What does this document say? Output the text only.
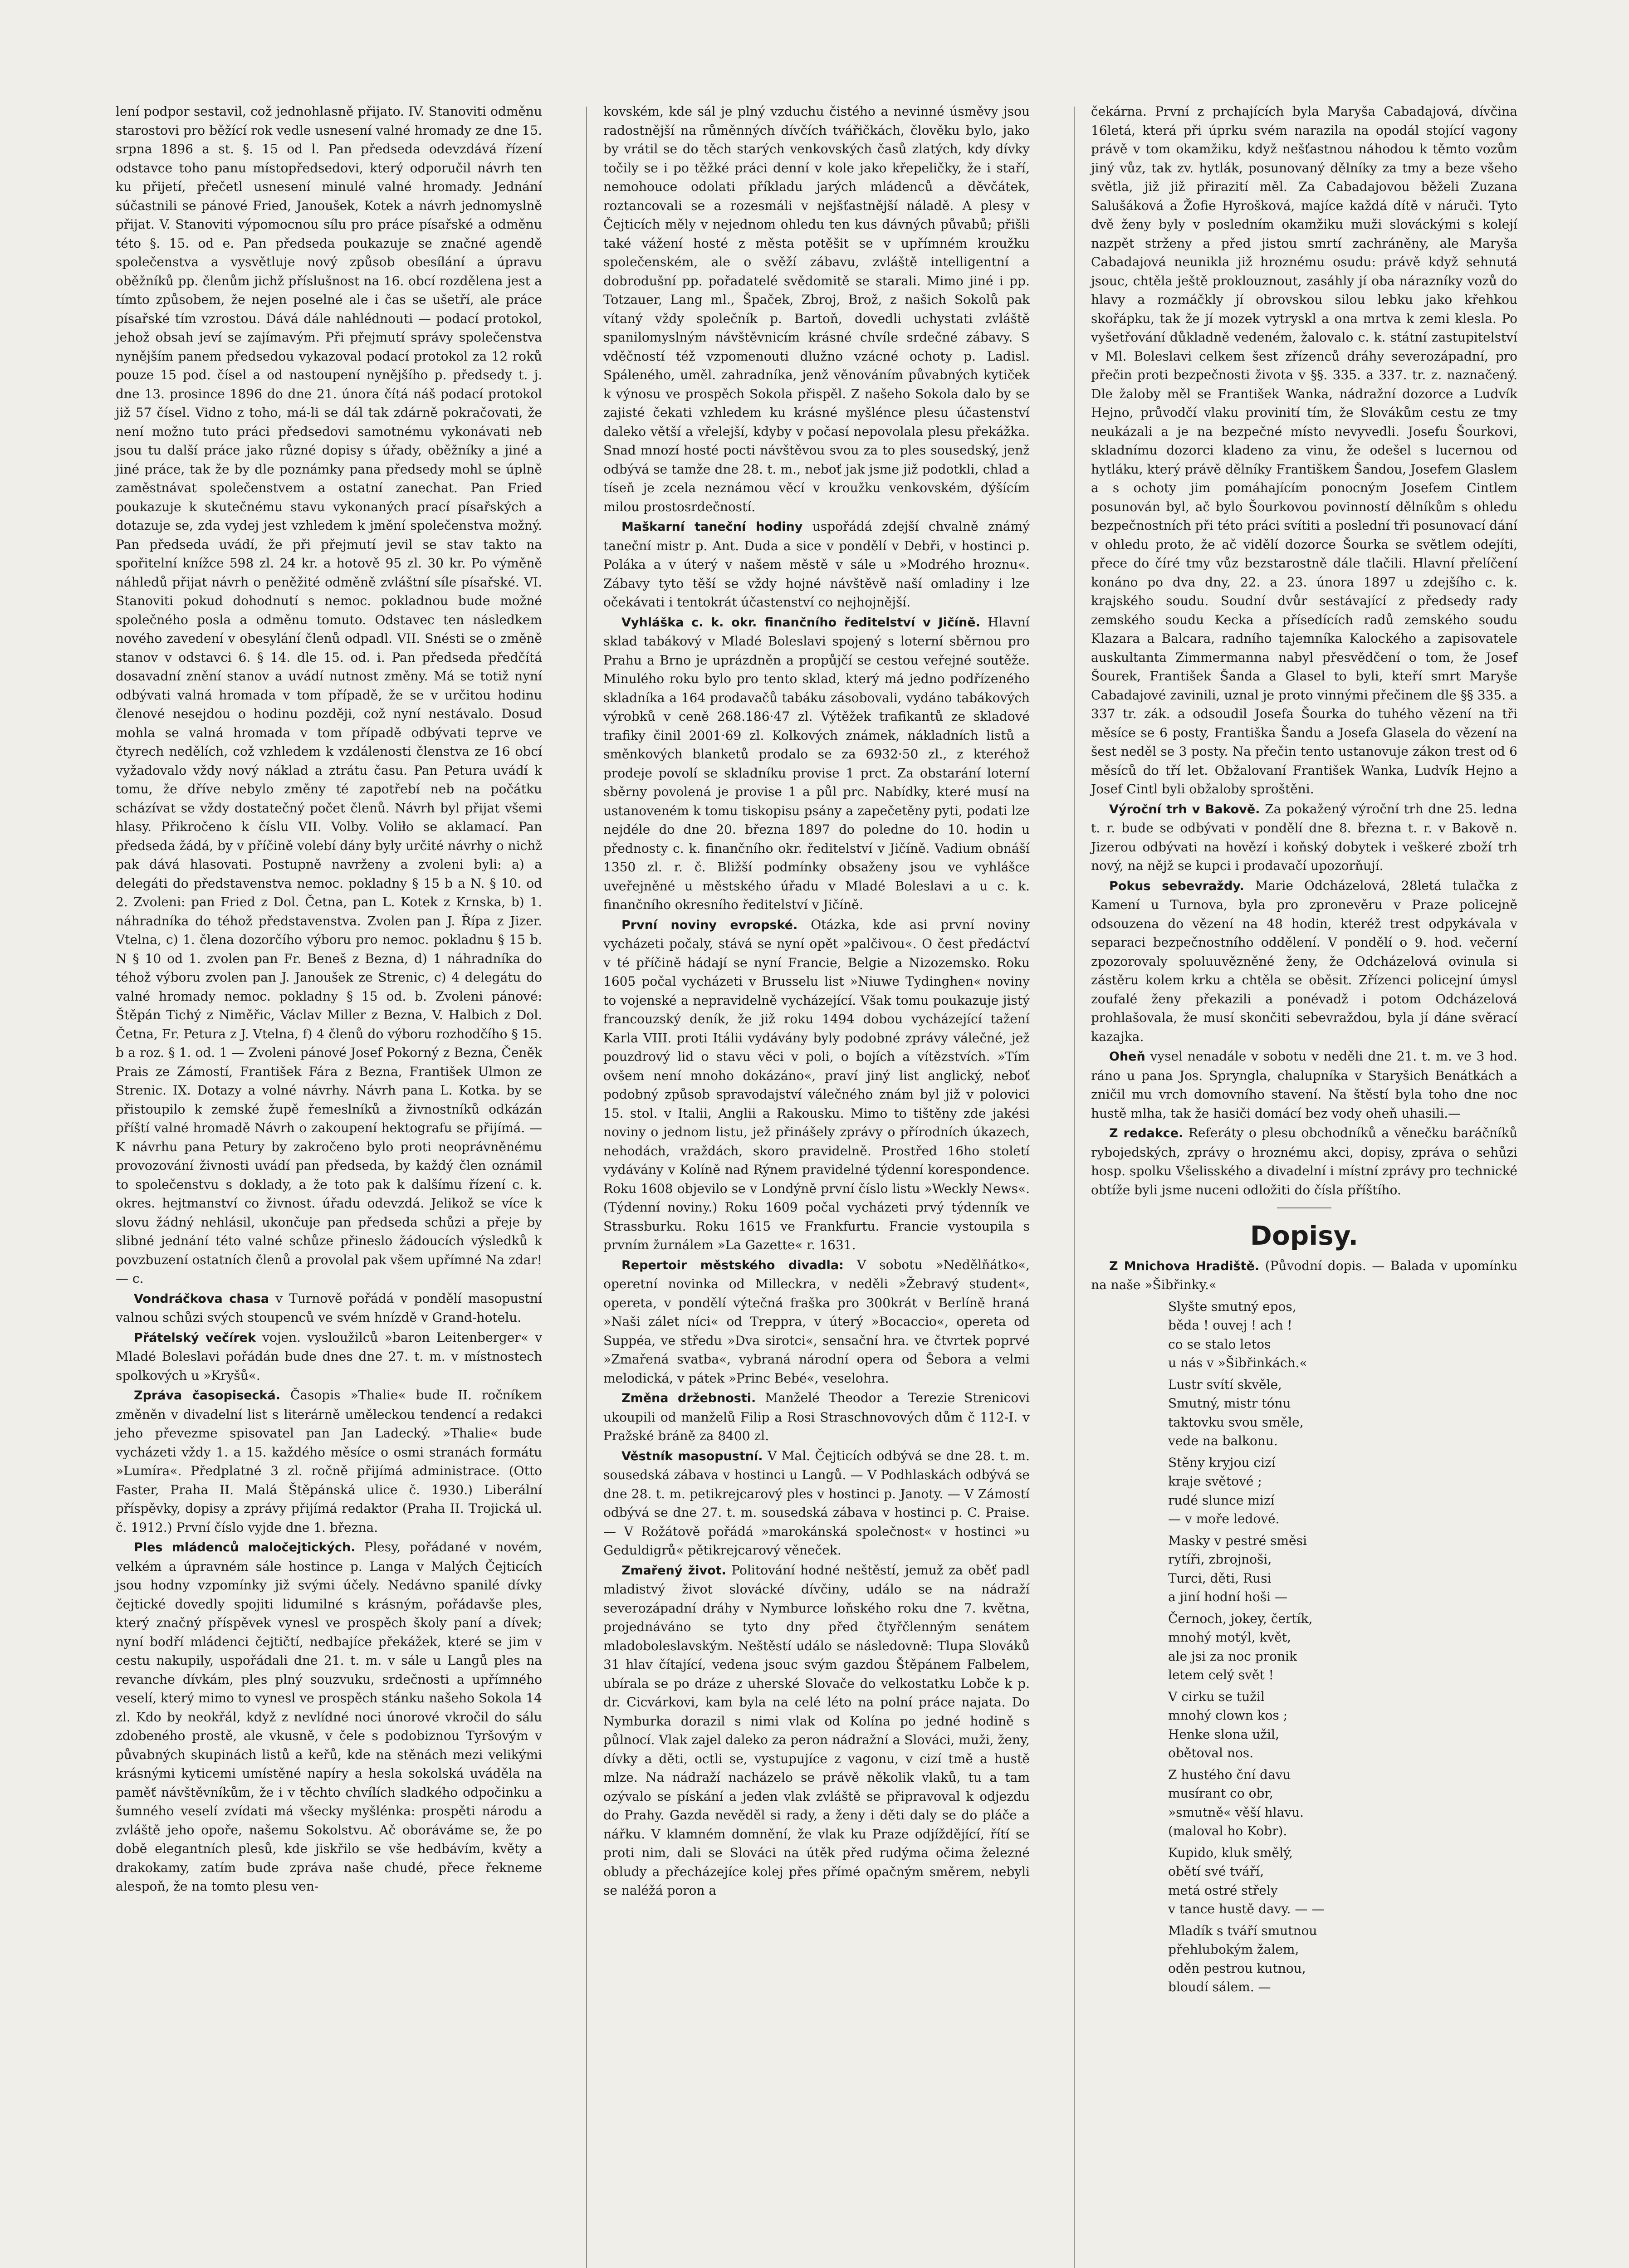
lení podpor sestavil, což jednohlasně přijato. IV. Stanoviti odměnu starostovi pro běžící rok vedle usnesení valné hromady ze dne 15. srpna 1896 a st. §. 15 od l. Pan předseda odevzdává řízení odstavce toho panu místopředsedovi, který odporučil návrh ten ku přijetí, přečetl usnesení minulé valné hromady. Jednání súčastnili se pánové Fried, Janoušek, Kotek a návrh jednomyslně přijat. V. Stanoviti výpomocnou sílu pro práce písařské a odměnu této §. 15. od e. Pan předseda poukazuje se značné agendě společenstva a vysvětluje nový způsob obesílání a úpravu oběžníků pp. členům jichž příslušnost na 16. obcí rozdělena jest a tímto způsobem, že nejen poselné ale i čas se ušetří, ale práce písařské tím vzrostou. Dává dále nahlédnouti — podací protokol, jehož obsah jeví se zajímavým. Při přejmutí správy společenstva nynějším panem předsedou vykazoval podací protokol za 12 roků pouze 15 pod. čísel a od nastoupení nynějšího p. předsedy t. j. dne 13. prosince 1896 do dne 21. února čítá náš podací protokol již 57 čísel. Vidno z toho, má-li se dál tak zdárně pokračovati, že není možno tuto práci předsedovi samotnému vykonávati neb jsou tu další práce jako různé dopisy s úřady, oběžníky a jiné a jiné práce, tak že by dle poznámky pana předsedy mohl se úplně zaměstnávat společenstvem a ostatní zanechat. Pan Fried poukazuje k skutečnému stavu vykonaných prací písařských a dotazuje se, zda vydej jest vzhledem k jmění společenstva možný. Pan předseda uvádí, že při přejmutí jevil se stav takto na spořitelní knížce 598 zl. 24 kr. a hotově 95 zl. 30 kr. Po výměně náhledů přijat návrh o peněžité odměně zvláštní síle písařské. VI. Stanoviti pokud dohodnutí s nemoc. pokladnou bude možné společného posla a odměnu tomuto. Odstavec ten následkem nového zavedení v obesylání členů odpadl. VII. Snésti se o změně stanov v odstavci 6. § 14. dle 15. od. i. Pan předseda předčítá dosavadní znění stanov a uvádí nutnost změny. Má se totiž nyní odbývati valná hromada v tom případě, že se v určitou hodinu členové nesejdou o hodinu později, což nyní nestávalo. Dosud mohla se valná hromada v tom případě odbývati teprve ve čtyrech nedělích, což vzhledem k vzdálenosti členstva ze 16 obcí vyžadovalo vždy nový náklad a ztrátu času. Pan Petura uvádí k tomu, že dříve nebylo změny té zapotřebí neb na počátku scházívat se vždy dostatečný počet členů. Návrh byl přijat všemi hlasy. Přikročeno k číslu VII. Volby. Voliło se aklamací. Pan předseda žádá, by v příčině volebí dány byly určité návrhy o nichž pak dává hlasovati. Postupně navrženy a zvoleni byli: a) a delegáti do představenstva nemoc. pokladny § 15 b a N. § 10. od 2. Zvoleni: pan Fried z Dol. Četna, pan L. Kotek z Krnska, b) 1. náhradníka do téhož představenstva. Zvolen pan J. Řípa z Jizer. Vtelna, c) 1. člena dozorčího výboru pro nemoc. pokladnu § 15 b. N § 10 od 1. zvolen pan Fr. Beneš z Bezna, d) 1 náhradníka do téhož výboru zvolen pan J. Janoušek ze Strenic, c) 4 delegátu do valné hromady nemoc. pokladny § 15 od. b. Zvoleni pánové: Štěpán Tichý z Niměřic, Václav Miller z Bezna, V. Halbich z Dol. Četna, Fr. Petura z J. Vtelna, f) 4 členů do výboru rozhodčího § 15. b a roz. § 1. od. 1 — Zvoleni pánové Josef Pokorný z Bezna, Čeněk Prais ze Zámostí, František Fára z Bezna, František Ulmon ze Strenic. IX. Dotazy a volné návrhy. Návrh pana L. Kotka. by se přistoupilo k zemské župě řemeslníků a živnostníků odkázán příští valné hromadě Návrh o zakoupení hektografu se přijímá. — K návrhu pana Petury by zakročeno bylo proti neoprávněnému provozování živnosti uvádí pan předseda, by každý člen oznámil to společenstvu s doklady, a že toto pak k dalšímu řízení c. k. okres. hejtmanství co živnost. úřadu odevzdá. Jelikož se více k slovu žádný nehlásil, ukončuje pan předseda schůzi a přeje by slibné jednání této valné schůze přineslo žádoucích výsledků k povzbuzení ostatních členů a provolal pak všem upřímné Na zdar! — c.

Vondráčkova chasa v Turnově pořádá v pondělí masopustní valnou schůzi svých stoupenců ve svém hnízdě v Grand-hotelu.

Přátelský večírek vojen. vysloužilců »baron Leitenberger« v Mladé Boleslavi pořádán bude dnes dne 27. t. m. v místnostech spolkových u »Kryšů«.

Zpráva časopisecká. Časopis »Thalie« bude II. ročníkem změněn v divadelní list s literárně uměleckou tendencí a redakci jeho převezme spisovatel pan Jan Ladecký. »Thalie« bude vycházeti vždy 1. a 15. každého měsíce o osmi stranách formátu »Lumíra«. Předplatné 3 zl. ročně přijímá administrace. (Otto Faster, Praha II. Malá Štěpánská ulice č. 1930.) Liberální příspěvky, dopisy a zprávy přijímá redaktor (Praha II. Trojická ul. č. 1912.) První číslo vyjde dne 1. března.

Ples mládenců maločejtických. Plesy, pořádané v novém, velkém a úpravném sále hostince p. Langa v Malých Čejticích jsou hodny vzpomínky již svými účely. Nedávno spanilé dívky čejtické dovedly spojiti lidumilné s krásným, pořádavše ples, který značný příspěvek vynesl ve prospěch školy paní a dívek; nyní bodří mládenci čejtičtí, nedbajíce překážek, které se jim v cestu nakupily, uspořádali dne 21. t. m. v sále u Langů ples na revanche dívkám, ples plný souzvuku, srdečnosti a upřímného veselí, který mimo to vynesl ve prospěch stánku našeho Sokola 14 zl. Kdo by neokřál, když z nevlídné noci únorové vkročil do sálu zdobeného prostě, ale vkusně, v čele s podobiznou Tyršovým v půvabných skupinách listů a keřů, kde na stěnách mezi velikými krásnými kyticemi umístěné napíry a hesla sokolská uváděla na paměť návštěvníkům, že i v těchto chvílích sladkého odpočinku a šumného veselí zvídati má všecky myšlénka: prospěti národu a zvláště jeho opoře, našemu Sokolstvu. Ač oboráváme se, že po době elegantních plesů, kde jiskřilo se vše hedbávím, květy a drakokamy, zatím bude zpráva naše chudé, přece řekneme alespoň, že na tomto plesu ven-

kovském, kde sál je plný vzduchu čistého a nevinné úsměvy jsou radostnější na růměnných dívčích tvářičkách, člověku bylo, jako by vrátil se do těch starých venkovských časů zlatých, kdy dívky točily se i po těžké práci denní v kole jako křepeličky, že i staří, nemohouce odolati příkladu jarých mládenců a děvčátek, roztancovali se a rozesmáli v nejšťastnější náladě. A plesy v Čejticích měly v nejednom ohledu ten kus dávných půvabů; přišli také vážení hosté z města potěšit se v upřímném kroužku společenském, ale o svěží zábavu, zvláště intelligentní a dobrodušní pp. pořadatelé svědomitě se starali. Mimo jiné i pp. Totzauer, Lang ml., Špaček, Zbroj, Brož, z našich Sokolů pak vítaný vždy společník p. Bartoň, dovedli uchystati zvláště spanilomyslným návštěvnicím krásné chvíle srdečné zábavy. S vděčností též vzpomenouti dlužno vzácné ochoty p. Ladisl. Spáleného, uměl. zahradníka, jenž věnováním půvabných kytiček k výnosu ve prospěch Sokola přispěl. Z našeho Sokola dalo by se zajisté čekati vzhledem ku krásné myšlénce plesu účastenství daleko větší a vřelejší, kdyby v počasí nepovolala plesu překážka. Snad mnozí hosté pocti návštěvou svou za to ples sousedský, jenž odbývá se tamže dne 28. t. m., neboť jak jsme již podotkli, chlad a tíseň je zcela neznámou věcí v kroužku venkovském, dýšícím milou prostosrdečností.

Maškarní taneční hodiny uspořádá zdejší chvalně známý taneční mistr p. Ant. Duda a sice v pondělí v Debři, v hostinci p. Poláka a v úterý v našem městě v sále u »Modrého hroznu«. Zábavy tyto těší se vždy hojné návštěvě naší omladiny i lze očekávati i tentokrát účastenství co nejhojnější.

Vyhláška c. k. okr. finančního ředitelství v Jičíně. Hlavní sklad tabákový v Mladé Boleslavi spojený s loterní sběrnou pro Prahu a Brno je uprázdněn a propůjčí se cestou veřejné soutěže. Minulého roku bylo pro tento sklad, který má jedno podřízeného skladníka a 164 prodavačů tabáku zásobovali, vydáno tabákových výrobků v ceně 268.186·47 zl. Výtěžek trafikantů ze skladové trafiky činil 2001·69 zl. Kolkových známek, nákladních listů a směnkových blanketů prodalo se za 6932·50 zl., z kteréhož prodeje povolí se skladníku provise 1 prct. Za obstarání loterní sběrny povolená je provise 1 a půl prc. Nabídky, které musí na ustanoveném k tomu tiskopisu psány a zapečetěny pyti, podati lze nejdéle do dne 20. března 1897 do poledne do 10. hodin u přednosty c. k. finančního okr. ředitelství v Jičíně. Vadium obnáší 1350 zl. r. č. Bližší podmínky obsaženy jsou ve vyhlášce uveřejněné u městského úřadu v Mladé Boleslavi a u c. k. finančního okresního ředitelství v Jičíně.

První noviny evropské. Otázka, kde asi první noviny vycházeti počaly, stává se nyní opět »palčivou«. O čest předáctví v té příčině hádají se nyní Francie, Belgie a Nizozemsko. Roku 1605 počal vycházeti v Brusselu list »Niuwe Tydinghen« noviny to vojenské a nepravidelně vycházející. Však tomu poukazuje jistý francouzský deník, že již roku 1494 dobou vycházející tažení Karla VIII. proti Itálii vydávány byly podobné zprávy válečné, jež pouzdrový lid o stavu věci v poli, o bojích a vítězstvích. »Tím ovšem není mnoho dokázáno«, praví jiný list anglický, neboť podobný způsob spravodajství válečného znám byl již v polovici 15. stol. v Italii, Anglii a Rakousku. Mimo to tištěny zde jakési noviny o jednom listu, jež přinášely zprávy o přírodních úkazech, nehodách, vraždách, skoro pravidelně. Prostřed 16ho století vydávány v Kolíně nad Rýnem pravidelné týdenní korespondence. Roku 1608 objevilo se v Londýně první číslo listu »Weckly News«. (Týdenní noviny.) Roku 1609 počal vycházeti prvý týdenník ve Strassburku. Roku 1615 ve Frankfurtu. Francie vystoupila s prvním žurnálem »La Gazette« r. 1631.

Repertoir městského divadla: V sobotu »Nedělňátko«, operetní novinka od Milleckra, v neděli »Žebravý student«, opereta, v pondělí výtečná fraška pro 300krát v Berlíně hraná »Naši zálet níci« od Treppra, v úterý »Bocaccio«, opereta od Suppéa, ve středu »Dva sirotci«, sensační hra. ve čtvrtek poprvé »Zmařená svatba«, vybraná národní opera od Šebora a velmi melodická, v pátek »Princ Bebé«, veselohra.

Změna držebnosti. Manželé Theodor a Terezie Strenicovi ukoupili od manželů Filip a Rosi Straschnovových dům č 112-I. v Pražské bráně za 8400 zl.

Věstník masopustní. V Mal. Čejticích odbývá se dne 28. t. m. sousedská zábava v hostinci u Langů. — V Podhlaskách odbývá se dne 28. t. m. petikrejcarový ples v hostinci p. Janoty. — V Zámostí odbývá se dne 27. t. m. sousedská zábava v hostinci p. C. Praise. — V Rožátově pořádá »marokánská společnost« v hostinci »u Geduldigrů« pětikrejcarový věneček.

Zmařený život. Politování hodné neštěstí, jemuž za oběť padl mladistvý život slovácké dívčiny, událo se na nádraží severozápadní dráhy v Nymburce loňského roku dne 7. května, projednáváno se tyto dny před čtyřčlenným senátem mladoboleslavským. Neštěstí událo se následovně: Tlupa Slováků 31 hlav čítající, vedena jsouc svým gazdou Štěpánem Falbelem, ubírala se po dráze z uherské Slovače do velkostatku Lobče k p. dr. Cicvárkovi, kam byla na celé léto na polní práce najata. Do Nymburka dorazil s nimi vlak od Kolína po jedné hodině s půlnocí. Vlak zajel daleko za peron nádražní a Slováci, muži, ženy, dívky a děti, octli se, vystupujíce z vagonu, v cizí tmě a hustě mlze. Na nádraží nacházelo se právě několik vlaků, tu a tam ozývalo se pískání a jeden vlak zvláště se připravoval k odjezdu do Prahy. Gazda nevěděl si rady, a ženy i děti daly se do pláče a nářku. V klamném domnění, že vlak ku Praze odjíždějící, řítí se proti nim, dali se Slováci na útěk před rudýma očima železné obludy a přecházejíce kolej přes přímé opačným směrem, nebyli se naléžá poron a

čekárna. První z prchajících byla Maryša Cabadajová, dívčina 16letá, která při úprku svém narazila na opodál stojící vagony právě v tom okamžiku, když nešťastnou náhodou k těmto vozům jiný vůz, tak zv. hytlák, posunovaný dělníky za tmy a beze všeho světla, již již přirazití měl. Za Cabadajovou běželi Zuzana Salušáková a Žofie Hyrošková, majíce každá dítě v náruči. Tyto dvě ženy byly v posledním okamžiku muži slováckými s kolejí nazpět strženy a před jistou smrtí zachráněny, ale Maryša Cabadajová neunikla již hroznému osudu: právě když sehnutá jsouc, chtěla ještě proklouznout, zasáhly jí oba nárazníky vozů do hlavy a rozmáčkly jí obrovskou silou lebku jako křehkou skořápku, tak že jí mozek vytryskl a ona mrtva k zemi klesla. Po vyšetřování důkladně vedeném, žalovalo c. k. státní zastupitelství v Ml. Boleslavi celkem šest zřízenců dráhy severozápadní, pro přečin proti bezpečnosti života v §§. 335. a 337. tr. z. naznačený. Dle žaloby měl se František Wanka, nádražní dozorce a Ludvík Hejno, průvodčí vlaku provinití tím, že Slovákům cestu ze tmy neukázali a je na bezpečné místo nevyvedli. Josefu Šourkovi, skladnímu dozorci kladeno za vinu, že odešel s lucernou od hytláku, který právě dělníky Františkem Šandou, Josefem Glaslem a s ochoty jim pomáhajícím ponocným Josefem Cintlem posunován byl, ač bylo Šourkovou povinností dělníkům s ohledu bezpečnostních při této práci svítiti a poslední tři posunovací dání v ohledu proto, že ač vidělí dozorce Šourka se světlem odejíti, přece do číré tmy vůz bezstarostně dále tlačili. Hlavní přelíčení konáno po dva dny, 22. a 23. února 1897 u zdejšího c. k. krajského soudu. Soudní dvůr sestávající z předsedy rady zemského soudu Kecka a přísedících radů zemského soudu Klazara a Balcara, radního tajemníka Kalockého a zapisovatele auskultanta Zimmermanna nabyl přesvědčení o tom, že Josef Šourek, František Šanda a Glasel to byli, kteří smrt Maryše Cabadajové zavinili, uznal je proto vinnými přečinem dle §§ 335. a 337 tr. zák. a odsoudil Josefa Šourka do tuhého vězení na tři měsíce se 6 posty, Františka Šandu a Josefa Glasela do vězení na šest neděl se 3 posty. Na přečin tento ustanovuje zákon trest od 6 měsíců do tří let. Obžalovaní František Wanka, Ludvík Hejno a Josef Cintl byli obžaloby sproštěni.

Výroční trh v Bakově. Za pokažený výroční trh dne 25. ledna t. r. bude se odbývati v pondělí dne 8. března t. r. v Bakově n. Jizerou odbývati na hovězí i koňský dobytek i veškeré zboží trh nový, na nějž se kupci i prodavačí upozorňují.

Pokus sebevraždy. Marie Odcházelová, 28letá tulačka z Kamení u Turnova, byla pro zpronevěru v Praze policejně odsouzena do vězení na 48 hodin, kteréž trest odpykávala v separaci bezpečnostního oddělení. V pondělí o 9. hod. večerní zpozorovaly spoluuvězněné ženy, že Odcházelová ovinula si zástěru kolem krku a chtěla se oběsit. Zřízenci policejní úmysl zoufalé ženy překazili a ponévadž i potom Odcházelová prohlašovala, že musí skončiti sebevraždou, byla jí dáne svěrací kazajka.

Oheň vysel nenadále v sobotu v neděli dne 21. t. m. ve 3 hod. ráno u pana Jos. Spryngla, chalupníka v Staryšich Benátkách a zničil mu vrch domovního stavení. Na štěstí byla toho dne noc hustě mlha, tak že hasiči domácí bez vody oheň uhasili.—

Z redakce. Referáty o plesu obchodníků a věnečku baráčníků rybojedských, zprávy o hroznému akci, dopisy, zpráva o sehůzi hosp. spolku Všelisského a divadelní i místní zprávy pro technické obtíže byli jsme nuceni odložiti do čísla příštího.

Dopisy.

Z Mnichova Hradiště. (Původní dopis. — Balada v upomínku na naše »Šibřinky.«

Slyšte smutný epos,
běda ! ouvej ! ach !
co se stalo letos
u nás v »Šibřinkách.«
Lustr svítí skvěle,
Smutný, mistr tónu
taktovku svou směle,
vede na balkonu.
Stěny kryjou cizí
kraje světové ;
rudé slunce mizí
— v moře ledové.
Masky v pestré směsi
rytíři, zbrojnoši,
Turci, děti, Rusi
a jiní hodní hoši —
Černoch, jokey, čertík,
mnohý motýl, květ,
ale jsi za noc pronik
letem celý svět !
V cirku se tužil
mnohý clown kos ;
Henke slona užil,
obětoval nos.
Z hustého ční davu
musírant co obr,
»smutně« věší hlavu.
(maloval ho Kobr).
Kupido, kluk smělý,
obětí své tváří,
metá ostré střely
v tance hustě davy. — —
Mladík s tváří smutnou
přehlubokým žalem,
oděn pestrou kutnou,
bloudí sálem. —
